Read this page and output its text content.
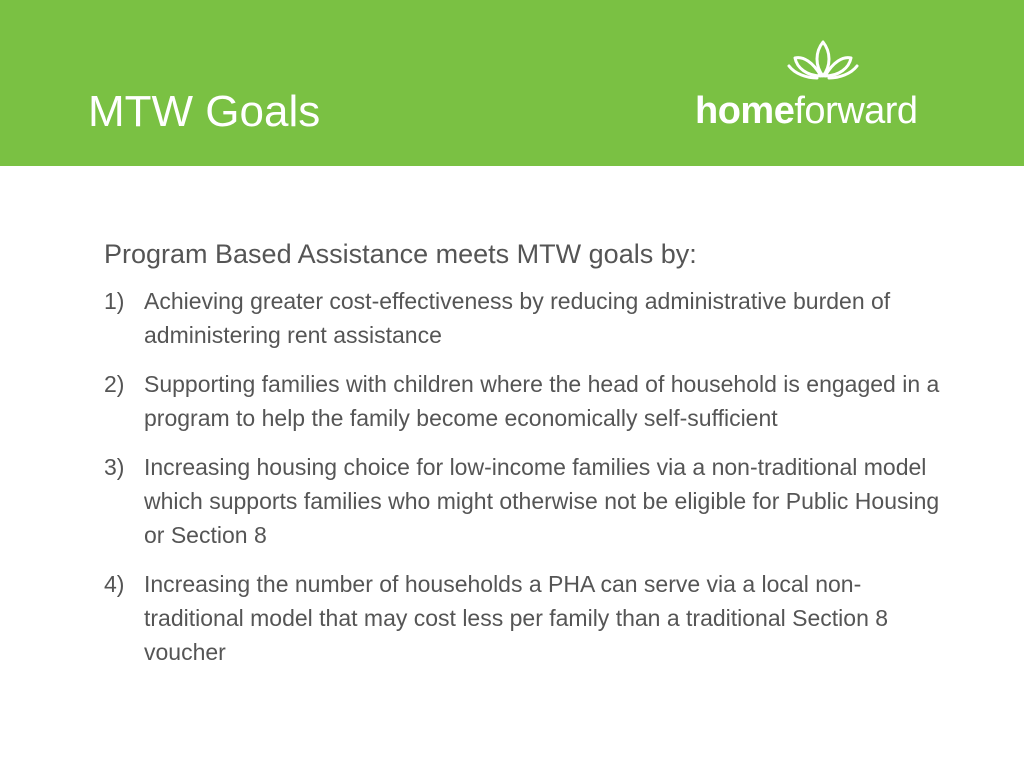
MTW Goals	homeforward

Program Based Assistance meets MTW goals by:

1) Achieving greater cost-effectiveness by reducing administrative burden of administering rent assistance
2) Supporting families with children where the head of household is engaged in a program to help the family become economically self-sufficient
3) Increasing housing choice for low-income families via a non-traditional model which supports families who might otherwise not be eligible for Public Housing or Section 8
4) Increasing the number of households a PHA can serve via a local non-traditional model that may cost less per family than a traditional Section 8 voucher
